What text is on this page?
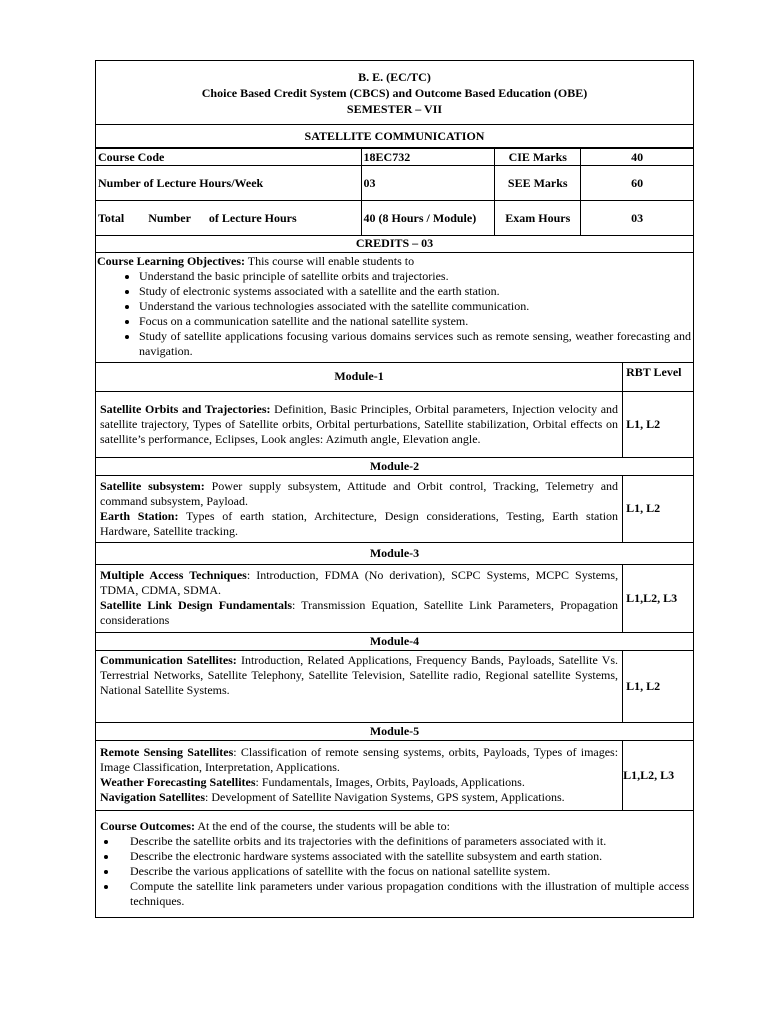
B. E. (EC/TC)
Choice Based Credit System (CBCS) and Outcome Based Education (OBE)
SEMESTER – VII
SATELLITE COMMUNICATION
Course Code	18EC732	CIE Marks	40
Number of Lecture Hours/Week	03	SEE Marks	60
Total Number of Lecture Hours	40 (8 Hours / Module)	Exam Hours	03
CREDITS – 03
Course Learning Objectives: This course will enable students to
• Understand the basic principle of satellite orbits and trajectories.
• Study of electronic systems associated with a satellite and the earth station.
• Understand the various technologies associated with the satellite communication.
• Focus on a communication satellite and the national satellite system.
• Study of satellite applications focusing various domains services such as remote sensing, weather forecasting and navigation.
Module-1	RBT Level
Satellite Orbits and Trajectories: Definition, Basic Principles, Orbital parameters, Injection velocity and satellite trajectory, Types of Satellite orbits, Orbital perturbations, Satellite stabilization, Orbital effects on satellite’s performance, Eclipses, Look angles: Azimuth angle, Elevation angle.	L1, L2
Module-2	
Satellite subsystem: Power supply subsystem, Attitude and Orbit control, Tracking, Telemetry and command subsystem, Payload.
Earth Station: Types of earth station, Architecture, Design considerations, Testing, Earth station Hardware, Satellite tracking.	L1, L2
Module-3	
Multiple Access Techniques: Introduction, FDMA (No derivation), SCPC Systems, MCPC Systems, TDMA, CDMA, SDMA.
Satellite Link Design Fundamentals: Transmission Equation, Satellite Link Parameters, Propagation considerations	L1,L2, L3
Module-4	
Communication Satellites: Introduction, Related Applications, Frequency Bands, Payloads, Satellite Vs. Terrestrial Networks, Satellite Telephony, Satellite Television, Satellite radio, Regional satellite Systems, National Satellite Systems.	L1, L2
Module-5	
Remote Sensing Satellites: Classification of remote sensing systems, orbits, Payloads, Types of images: Image Classification, Interpretation, Applications.
Weather Forecasting Satellites: Fundamentals, Images, Orbits, Payloads, Applications.
Navigation Satellites: Development of Satellite Navigation Systems, GPS system, Applications.	L1,L2, L3
Course Outcomes: At the end of the course, the students will be able to:
• Describe the satellite orbits and its trajectories with the definitions of parameters associated with it.
• Describe the electronic hardware systems associated with the satellite subsystem and earth station.
• Describe the various applications of satellite with the focus on national satellite system.
• Compute the satellite link parameters under various propagation conditions with the illustration of multiple access techniques.
